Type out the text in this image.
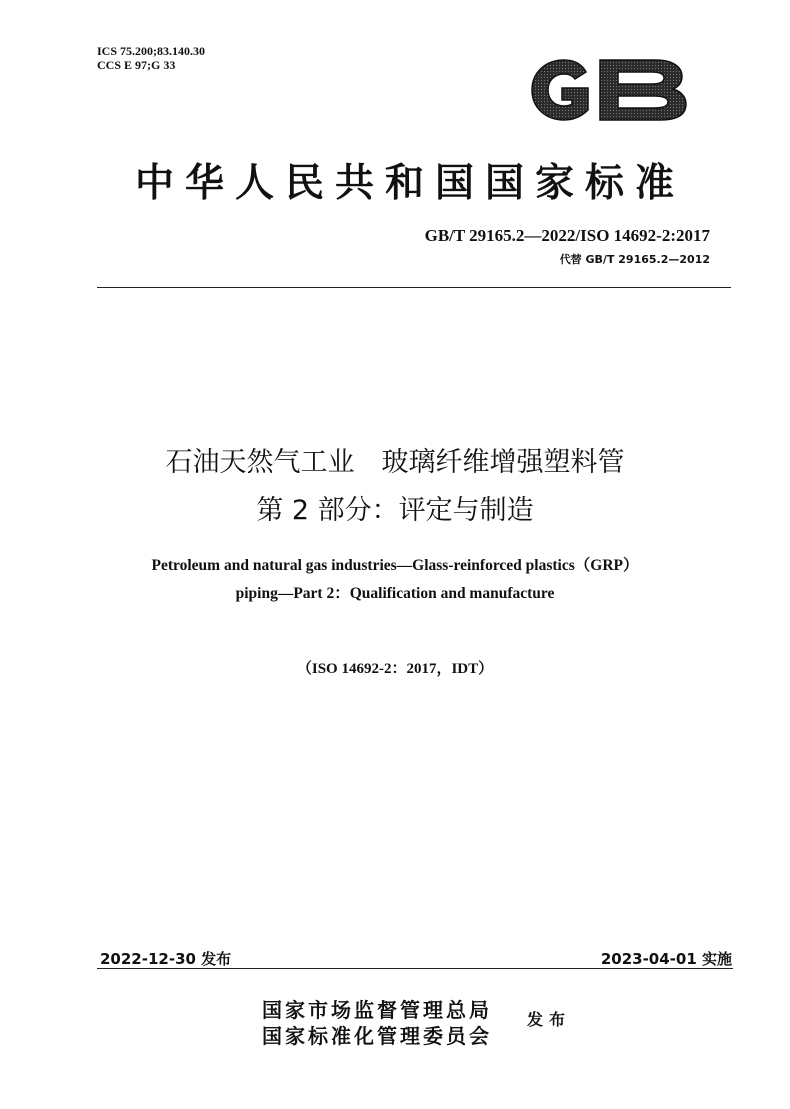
ICS 75.200;83.140.30
CCS E 97;G 33
中华人民共和国国家标准
GB/T 29165.2—2022/ISO 14692-2:2017
代替 GB/T 29165.2—2012
石油天然气工业　玻璃纤维增强塑料管
第 2 部分：评定与制造
Petroleum and natural gas industries—Glass-reinforced plastics（GRP）
piping—Part 2：Qualification and manufacture
（ISO 14692-2：2017，IDT）
2022-12-30 发布	2023-04-01 实施
国家市场监督管理总局
国家标准化管理委员会
发布
